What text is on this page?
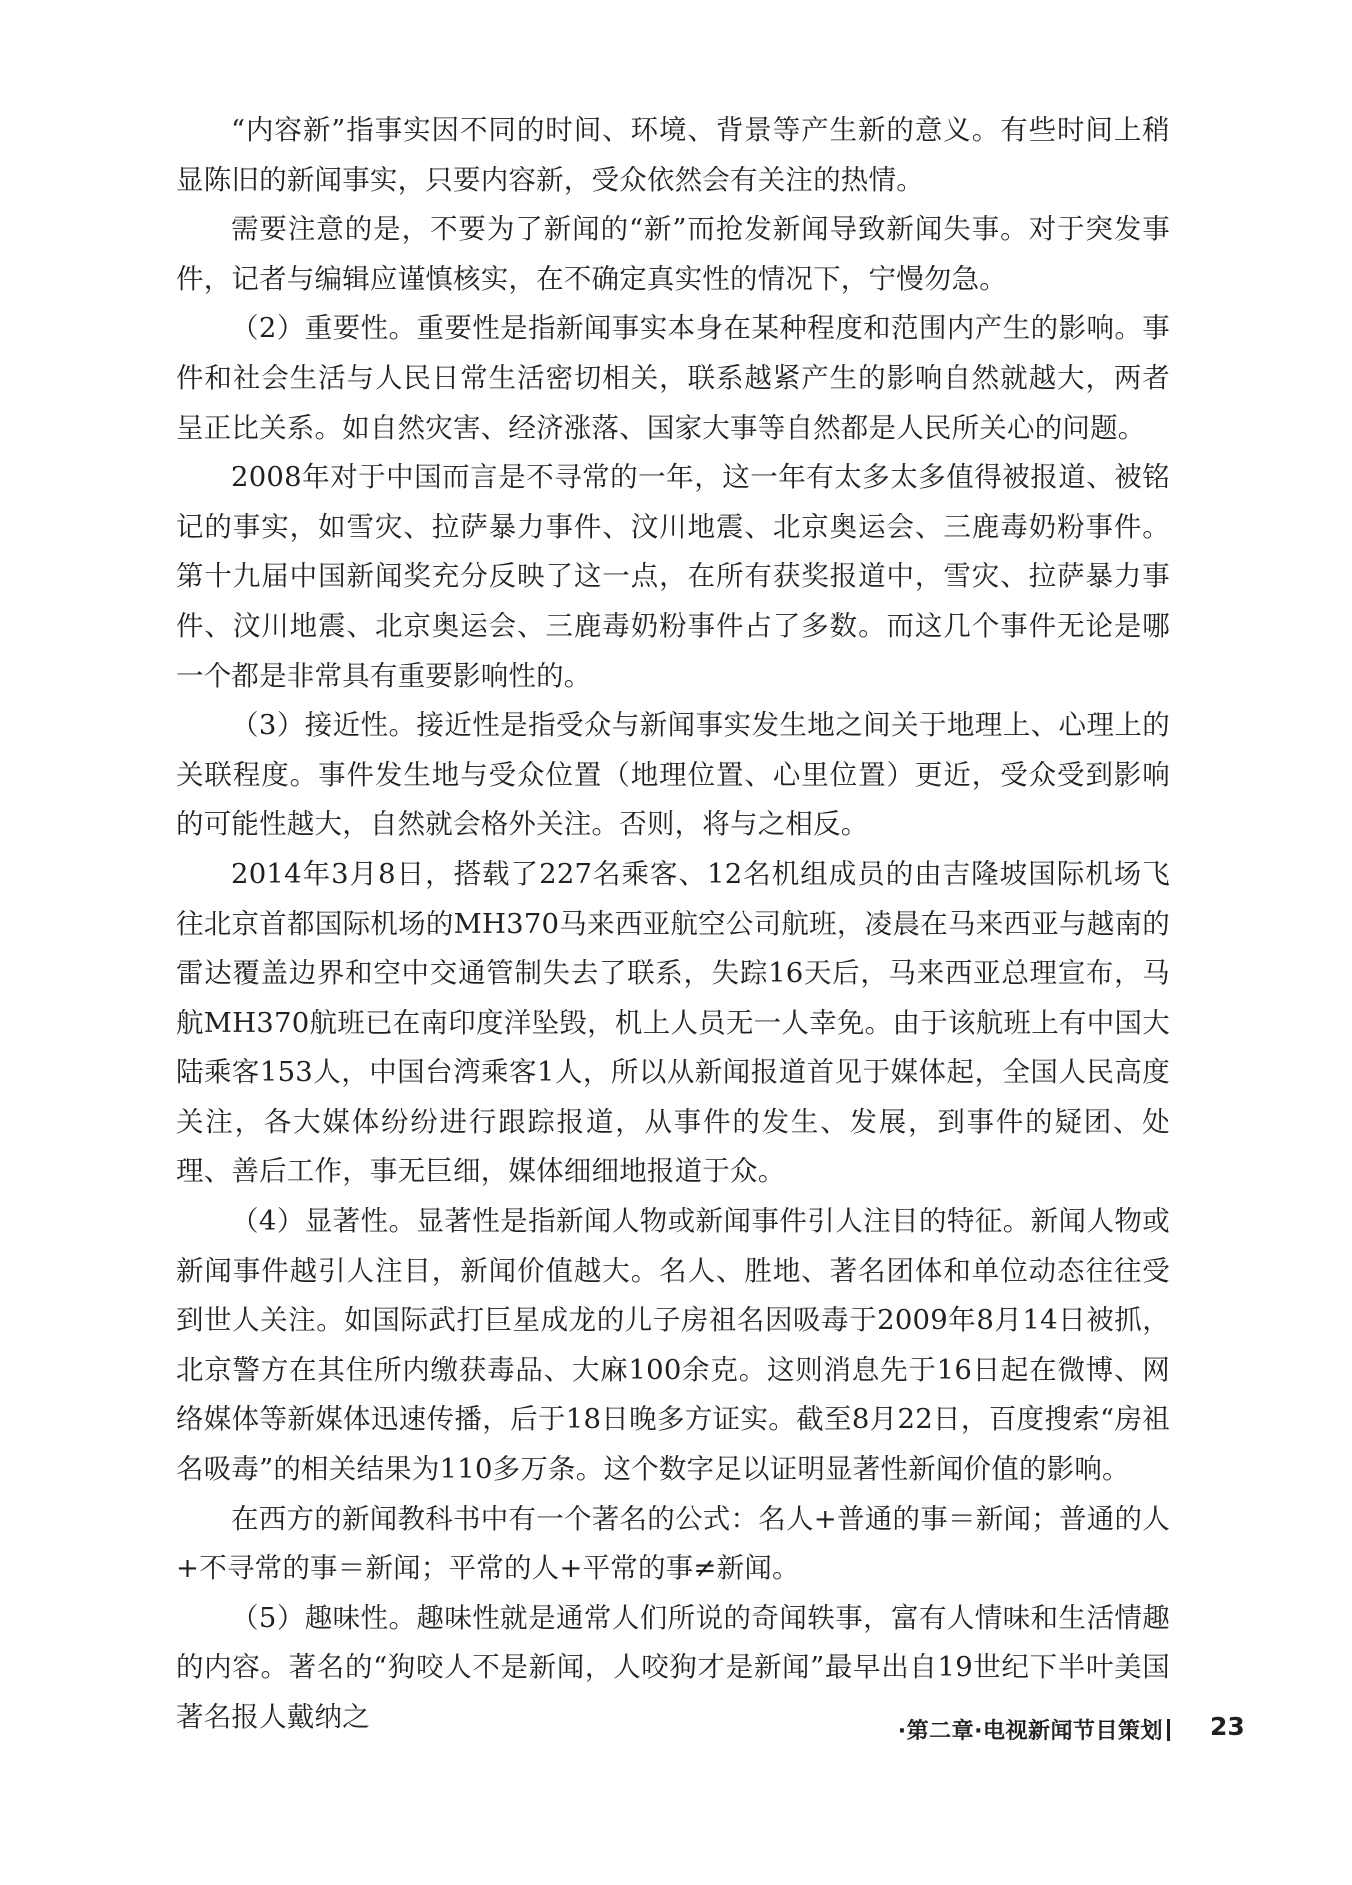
“内容新”指事实因不同的时间、环境、背景等产生新的意义。有些时间上稍显陈旧的新闻事实，只要内容新，受众依然会有关注的热情。

需要注意的是，不要为了新闻的“新”而抢发新闻导致新闻失事。对于突发事件，记者与编辑应谨慎核实，在不确定真实性的情况下，宁慢勿急。

（2）重要性。重要性是指新闻事实本身在某种程度和范围内产生的影响。事件和社会生活与人民日常生活密切相关，联系越紧产生的影响自然就越大，两者呈正比关系。如自然灾害、经济涨落、国家大事等自然都是人民所关心的问题。

2008年对于中国而言是不寻常的一年，这一年有太多太多值得被报道、被铭记的事实，如雪灾、拉萨暴力事件、汶川地震、北京奥运会、三鹿毒奶粉事件。第十九届中国新闻奖充分反映了这一点，在所有获奖报道中，雪灾、拉萨暴力事件、汶川地震、北京奥运会、三鹿毒奶粉事件占了多数。而这几个事件无论是哪一个都是非常具有重要影响性的。

（3）接近性。接近性是指受众与新闻事实发生地之间关于地理上、心理上的关联程度。事件发生地与受众位置（地理位置、心里位置）更近，受众受到影响的可能性越大，自然就会格外关注。否则，将与之相反。

2014年3月8日，搭载了227名乘客、12名机组成员的由吉隆坡国际机场飞往北京首都国际机场的MH370马来西亚航空公司航班，凌晨在马来西亚与越南的雷达覆盖边界和空中交通管制失去了联系，失踪16天后，马来西亚总理宣布，马航MH370航班已在南印度洋坠毁，机上人员无一人幸免。由于该航班上有中国大陆乘客153人，中国台湾乘客1人，所以从新闻报道首见于媒体起，全国人民高度关注，各大媒体纷纷进行跟踪报道，从事件的发生、发展，到事件的疑团、处理、善后工作，事无巨细，媒体细细地报道于众。

（4）显著性。显著性是指新闻人物或新闻事件引人注目的特征。新闻人物或新闻事件越引人注目，新闻价值越大。名人、胜地、著名团体和单位动态往往受到世人关注。如国际武打巨星成龙的儿子房祖名因吸毒于2009年8月14日被抓，北京警方在其住所内缴获毒品、大麻100余克。这则消息先于16日起在微博、网络媒体等新媒体迅速传播，后于18日晚多方证实。截至8月22日，百度搜索“房祖名吸毒”的相关结果为110多万条。这个数字足以证明显著性新闻价值的影响。

在西方的新闻教科书中有一个著名的公式：名人+普通的事＝新闻；普通的人+不寻常的事＝新闻；平常的人+平常的事≠新闻。

（5）趣味性。趣味性就是通常人们所说的奇闻轶事，富有人情味和生活情趣的内容。著名的“狗咬人不是新闻，人咬狗才是新闻”最早出自19世纪下半叶美国著名报人戴纳之	·第二章·电视新闻节目策划 23
